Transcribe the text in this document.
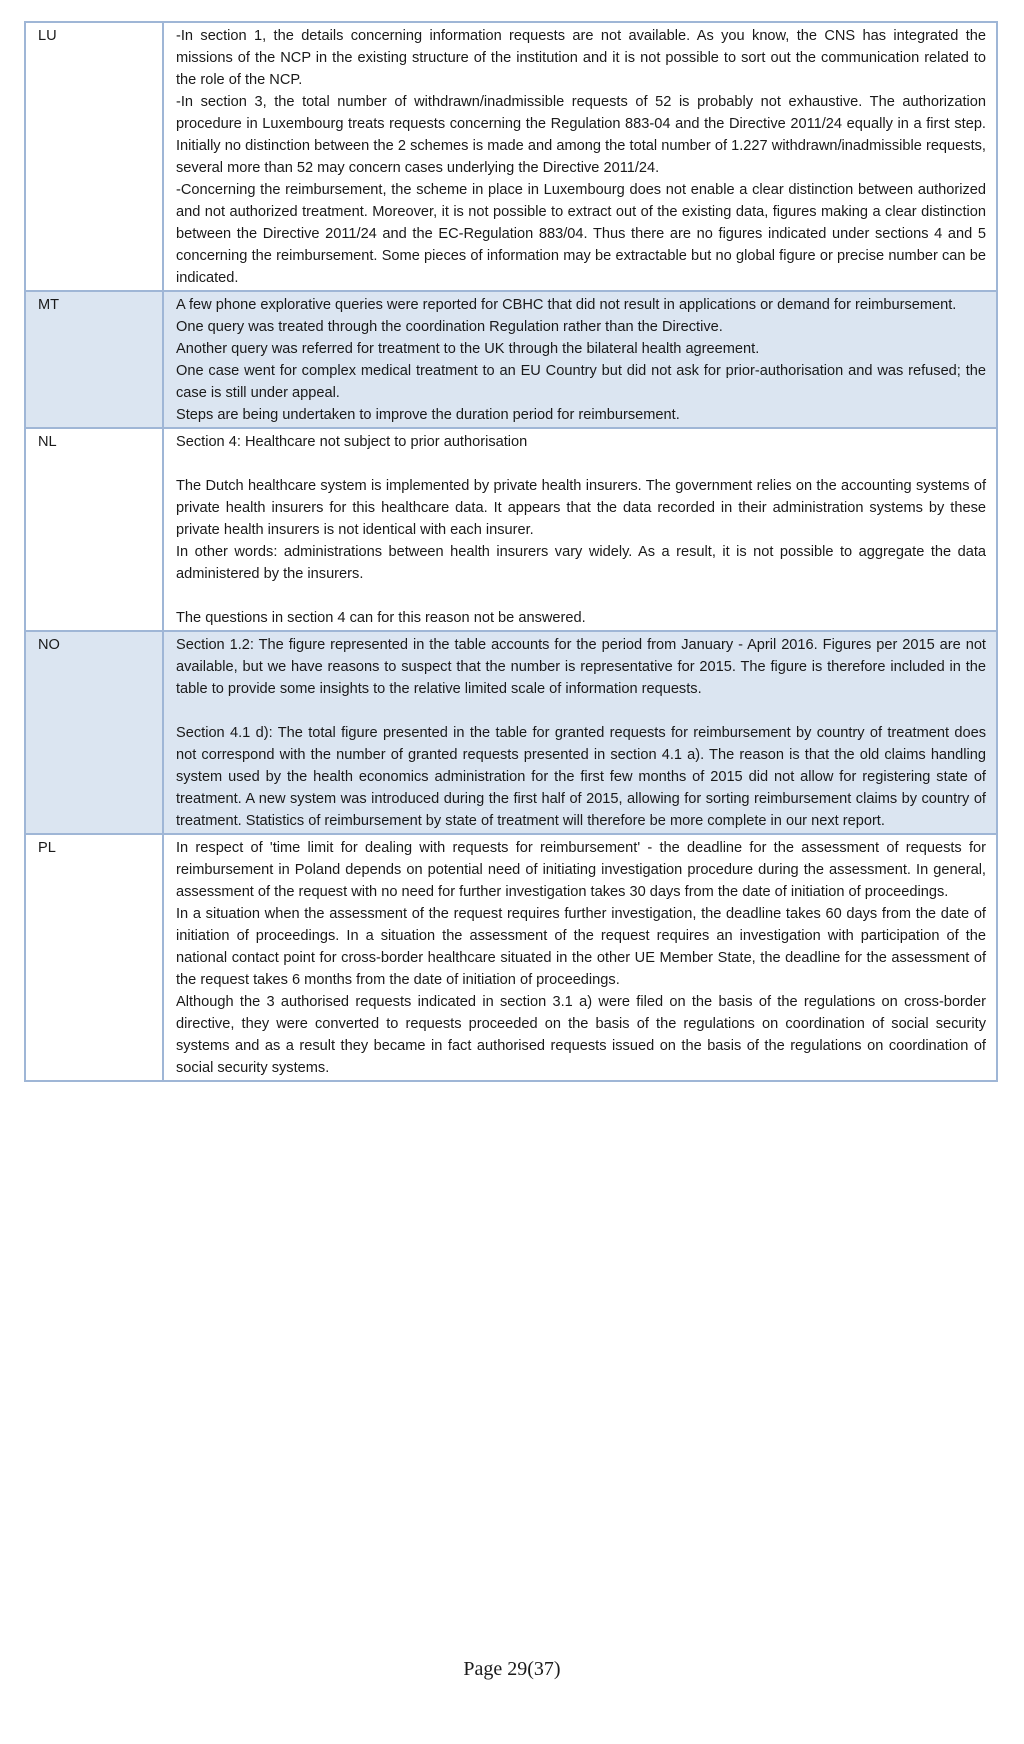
LU	-In section 1, the details concerning information requests are not available. As you know, the CNS has integrated the missions of the NCP in the existing structure of the institution and it is not possible to sort out the communication related to the role of the NCP.

-In section 3, the total number of withdrawn/inadmissible requests of 52 is probably not exhaustive. The authorization procedure in Luxembourg treats requests concerning the Regulation 883-04 and the Directive 2011/24 equally in a first step. Initially no distinction between the 2 schemes is made and among the total number of 1.227 withdrawn/inadmissible requests, several more than 52 may concern cases underlying the Directive 2011/24.

-Concerning the reimbursement, the scheme in place in Luxembourg does not enable a clear distinction between authorized and not authorized treatment. Moreover, it is not possible to extract out of the existing data, figures making a clear distinction between the Directive 2011/24 and the EC-Regulation 883/04. Thus there are no figures indicated under sections 4 and 5 concerning the reimbursement. Some pieces of information may be extractable but no global figure or precise number can be indicated.

MT	A few phone explorative queries were reported for CBHC that did not result in applications or demand for reimbursement.

One query was treated through the coordination Regulation rather than the Directive.

Another query was referred for treatment to the UK through the bilateral health agreement.

One case went for complex medical treatment to an EU Country but did not ask for prior-authorisation and was refused; the case is still under appeal.

Steps are being undertaken to improve the duration period for reimbursement.

NL	Section 4: Healthcare not subject to prior authorisation

The Dutch healthcare system is implemented by private health insurers. The government relies on the accounting systems of private health insurers for this healthcare data. It appears that the data recorded in their administration systems by these private health insurers is not identical with each insurer.

In other words: administrations between health insurers vary widely. As a result, it is not possible to aggregate the data administered by the insurers.

The questions in section 4 can for this reason not be answered.

NO	Section 1.2: The figure represented in the table accounts for the period from January - April 2016. Figures per 2015 are not available, but we have reasons to suspect that the number is representative for 2015. The figure is therefore included in the table to provide some insights to the relative limited scale of information requests.

Section 4.1 d): The total figure presented in the table for granted requests for reimbursement by country of treatment does not correspond with the number of granted requests presented in section 4.1 a). The reason is that the old claims handling system used by the health economics administration for the first few months of 2015 did not allow for registering state of treatment. A new system was introduced during the first half of 2015, allowing for sorting reimbursement claims by country of treatment. Statistics of reimbursement by state of treatment will therefore be more complete in our next report.

PL	In respect of 'time limit for dealing with requests for reimbursement' - the deadline for the assessment of requests for reimbursement in Poland depends on potential need of initiating investigation procedure during the assessment. In general, assessment of the request with no need for further investigation takes 30 days from the date of initiation of proceedings.

In a situation when the assessment of the request requires further investigation, the deadline takes 60 days from the date of initiation of proceedings. In a situation the assessment of the request requires an investigation with participation of the national contact point for cross-border healthcare situated in the other UE Member State, the deadline for the assessment of the request takes 6 months from the date of initiation of proceedings.

Although the 3 authorised requests indicated in section 3.1 a) were filed on the basis of the regulations on cross-border directive, they were converted to requests proceeded on the basis of the regulations on coordination of social security systems and as a result they became in fact authorised requests issued on the basis of the regulations on coordination of social security systems.

Page 29(37)
